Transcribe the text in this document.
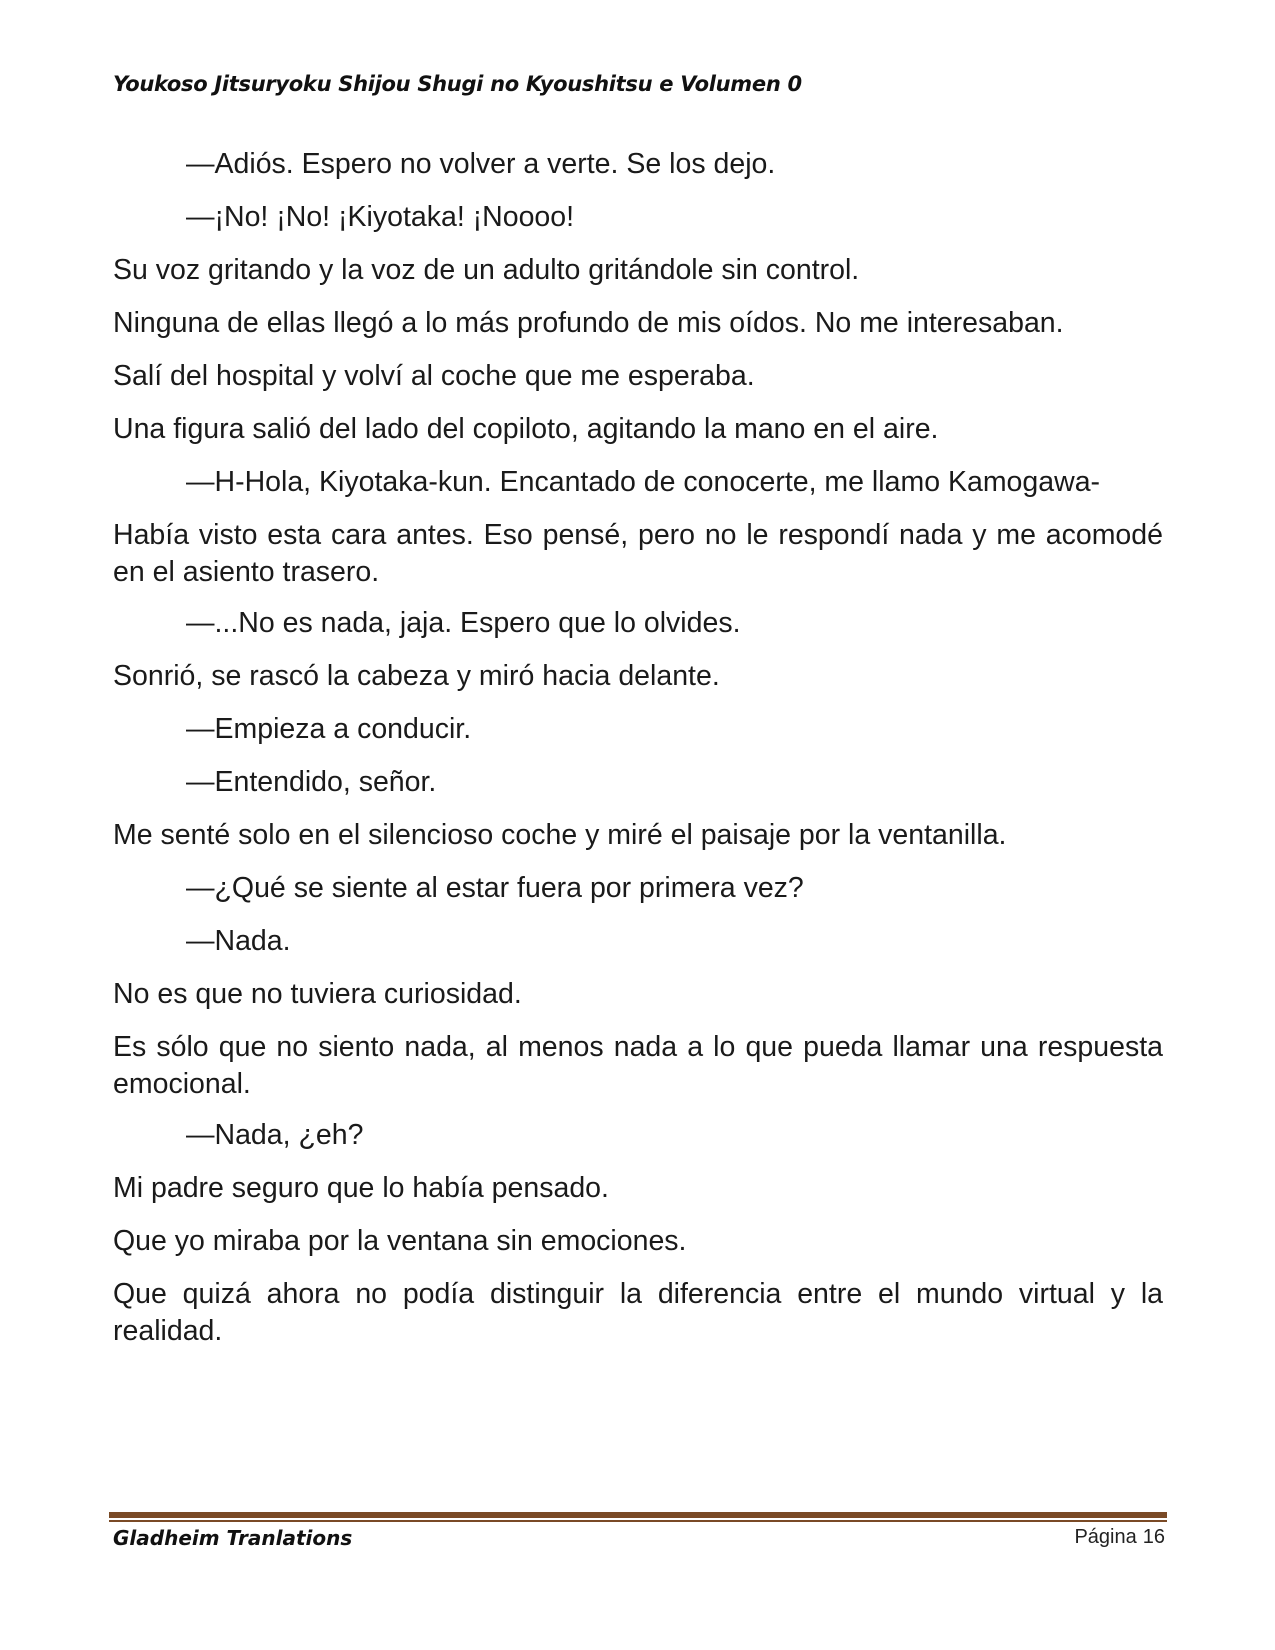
Youkoso Jitsuryoku Shijou Shugi no Kyoushitsu e Volumen 0

—Adiós. Espero no volver a verte. Se los dejo.

—¡No! ¡No! ¡Kiyotaka! ¡Noooo!

Su voz gritando y la voz de un adulto gritándole sin control.

Ninguna de ellas llegó a lo más profundo de mis oídos. No me interesaban.

Salí del hospital y volví al coche que me esperaba.

Una figura salió del lado del copiloto, agitando la mano en el aire.

—H-Hola, Kiyotaka-kun. Encantado de conocerte, me llamo Kamogawa-

Había visto esta cara antes. Eso pensé, pero no le respondí nada y me acomodé en el asiento trasero.

—...No es nada, jaja. Espero que lo olvides.

Sonrió, se rascó la cabeza y miró hacia delante.

—Empieza a conducir.

—Entendido, señor.

Me senté solo en el silencioso coche y miré el paisaje por la ventanilla.

—¿Qué se siente al estar fuera por primera vez?

—Nada.

No es que no tuviera curiosidad.

Es sólo que no siento nada, al menos nada a lo que pueda llamar una respuesta emocional.

—Nada, ¿eh?

Mi padre seguro que lo había pensado.

Que yo miraba por la ventana sin emociones.

Que quizá ahora no podía distinguir la diferencia entre el mundo virtual y la realidad.

Gladheim Tranlations	Página 16
